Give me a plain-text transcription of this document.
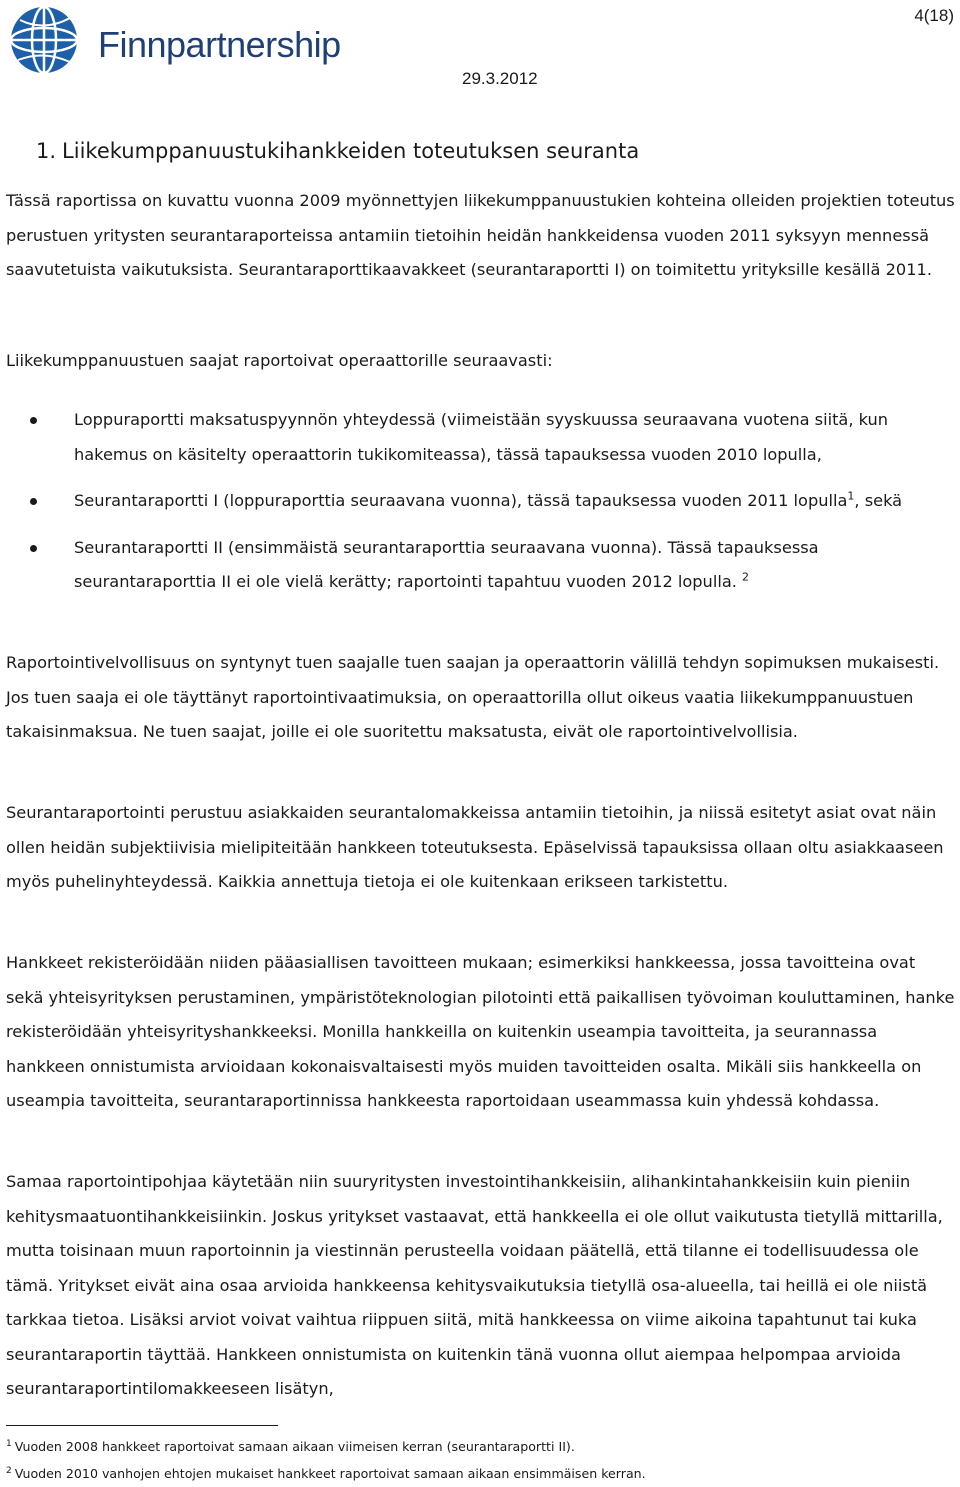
Finnpartnership
4(18)
29.3.2012
1. Liikekumppanuustukihankkeiden toteutuksen seuranta

Tässä raportissa on kuvattu vuonna 2009 myönnettyjen liikekumppanuustukien kohteina olleiden projektien toteutus perustuen yritysten seurantaraporteissa antamiin tietoihin heidän hankkeidensa vuoden 2011 syksyyn mennessä saavutetuista vaikutuksista. Seurantaraporttikaavakkeet (seurantaraportti I) on toimitettu yrityksille kesällä 2011.

Liikekumppanuustuen saajat raportoivat operaattorille seuraavasti:

Loppuraportti maksatuspyynnön yhteydessä (viimeistään syyskuussa seuraavana vuotena siitä, kun hakemus on käsitelty operaattorin tukikomiteassa), tässä tapauksessa vuoden 2010 lopulla,
Seurantaraportti I (loppuraporttia seuraavana vuonna), tässä tapauksessa vuoden 2011 lopulla$^1$, sekä
Seurantaraportti II (ensimmäistä seurantaraporttia seuraavana vuonna). Tässä tapauksessa seurantaraporttia II ei ole vielä kerätty; raportointi tapahtuu vuoden 2012 lopulla. $^2$

Raportointivelvollisuus on syntynyt tuen saajalle tuen saajan ja operaattorin välillä tehdyn sopimuksen mukaisesti. Jos tuen saaja ei ole täyttänyt raportointivaatimuksia, on operaattorilla ollut oikeus vaatia liikekumppanuustuen takaisinmaksua. Ne tuen saajat, joille ei ole suoritettu maksatusta, eivät ole raportointivelvollisia.

Seurantaraportointi perustuu asiakkaiden seurantalomakkeissa antamiin tietoihin, ja niissä esitetyt asiat ovat näin ollen heidän subjektiivisia mielipiteitään hankkeen toteutuksesta. Epäselvissä tapauksissa ollaan oltu asiakkaaseen myös puhelinyhteydessä. Kaikkia annettuja tietoja ei ole kuitenkaan erikseen tarkistettu.

Hankkeet rekisteröidään niiden pääasiallisen tavoitteen mukaan; esimerkiksi hankkeessa, jossa tavoitteina ovat sekä yhteisyrityksen perustaminen, ympäristöteknologian pilotointi että paikallisen työvoiman kouluttaminen, hanke rekisteröidään yhteisyrityshankkeeksi. Monilla hankkeilla on kuitenkin useampia tavoitteita, ja seurannassa hankkeen onnistumista arvioidaan kokonaisvaltaisesti myös muiden tavoitteiden osalta. Mikäli siis hankkeella on useampia tavoitteita, seurantaraportinnissa hankkeesta raportoidaan useammassa kuin yhdessä kohdassa.

Samaa raportointipohjaa käytetään niin suuryritysten investointihankkeisiin, alihankintahankkeisiin kuin pieniin kehitysmaatuontihankkeisiinkin. Joskus yritykset vastaavat, että hankkeella ei ole ollut vaikutusta tietyllä mittarilla, mutta toisinaan muun raportoinnin ja viestinnän perusteella voidaan päätellä, että tilanne ei todellisuudessa ole tämä. Yritykset eivät aina osaa arvioida hankkeensa kehitysvaikutuksia tietyllä osa-alueella, tai heillä ei ole niistä tarkkaa tietoa. Lisäksi arviot voivat vaihtua riippuen siitä, mitä hankkeessa on viime aikoina tapahtunut tai kuka seurantaraportin täyttää. Hankkeen onnistumista on kuitenkin tänä vuonna ollut aiempaa helpompaa arvioida seurantaraportintilomakkeeseen lisätyn,

$^1$ Vuoden 2008 hankkeet raportoivat samaan aikaan viimeisen kerran (seurantaraportti II).
$^2$ Vuoden 2010 vanhojen ehtojen mukaiset hankkeet raportoivat samaan aikaan ensimmäisen kerran.
